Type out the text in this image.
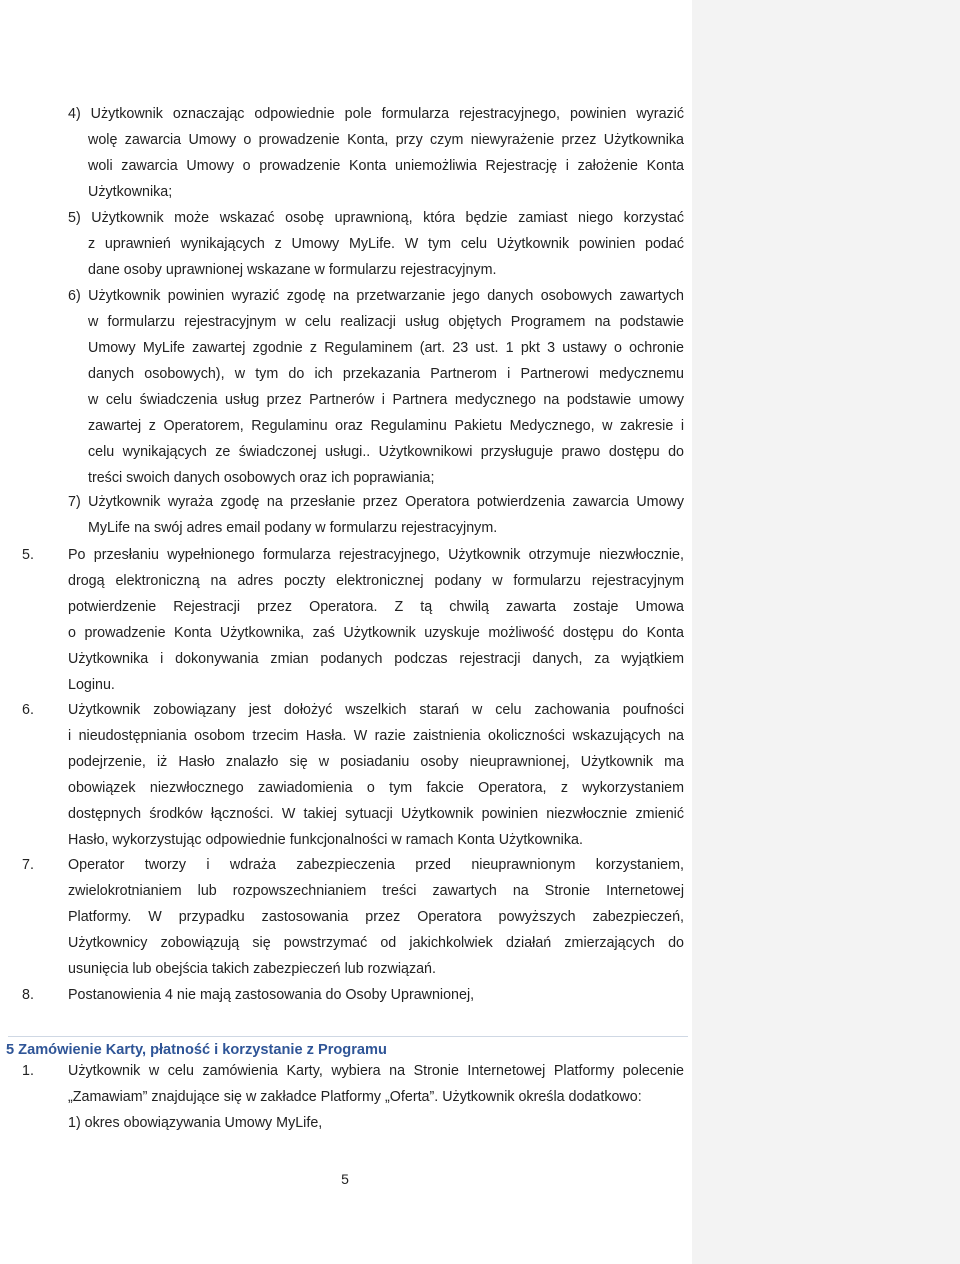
4) Użytkownik oznaczając odpowiednie pole formularza rejestracyjnego, powinien wyrazić
wolę zawarcia Umowy o prowadzenie Konta, przy czym niewyrażenie przez Użytkownika
woli zawarcia Umowy o prowadzenie Konta uniemożliwia Rejestrację i założenie Konta
Użytkownika;
5) Użytkownik może wskazać osobę uprawnioną, która będzie zamiast niego korzystać
z uprawnień wynikających z Umowy MyLife. W tym celu Użytkownik powinien podać
dane osoby uprawnionej wskazane w formularzu rejestracyjnym.
6) Użytkownik powinien wyrazić zgodę na przetwarzanie jego danych osobowych zawartych
w formularzu rejestracyjnym w celu realizacji usług objętych Programem na podstawie
Umowy MyLife zawartej zgodnie z Regulaminem (art. 23 ust. 1 pkt 3 ustawy o ochronie
danych osobowych), w tym do ich przekazania Partnerom i Partnerowi medycznemu
w celu świadczenia usług przez Partnerów i Partnera medycznego na podstawie umowy
zawartej z Operatorem, Regulaminu oraz Regulaminu Pakietu Medycznego, w zakresie i
celu wynikających ze świadczonej usługi.. Użytkownikowi przysługuje prawo dostępu do
treści swoich danych osobowych oraz ich poprawiania;
7) Użytkownik wyraża zgodę na przesłanie przez Operatora potwierdzenia zawarcia Umowy
MyLife na swój adres email podany w formularzu rejestracyjnym.
5. Po przesłaniu wypełnionego formularza rejestracyjnego, Użytkownik otrzymuje niezwłocznie,
drogą elektroniczną na adres poczty elektronicznej podany w formularzu rejestracyjnym
potwierdzenie Rejestracji przez Operatora. Z tą chwilą zawarta zostaje Umowa
o prowadzenie Konta Użytkownika, zaś Użytkownik uzyskuje możliwość dostępu do Konta
Użytkownika i dokonywania zmian podanych podczas rejestracji danych, za wyjątkiem
Loginu.
6. Użytkownik zobowiązany jest dołożyć wszelkich starań w celu zachowania poufności
i nieudostępniania osobom trzecim Hasła. W razie zaistnienia okoliczności wskazujących na
podejrzenie, iż Hasło znalazło się w posiadaniu osoby nieuprawnionej, Użytkownik ma
obowiązek niezwłocznego zawiadomienia o tym fakcie Operatora, z wykorzystaniem
dostępnych środków łączności. W takiej sytuacji Użytkownik powinien niezwłocznie zmienić
Hasło, wykorzystując odpowiednie funkcjonalności w ramach Konta Użytkownika.
7. Operator tworzy i wdraża zabezpieczenia przed nieuprawnionym korzystaniem,
zwielokrotnianiem lub rozpowszechnianiem treści zawartych na Stronie Internetowej
Platformy. W przypadku zastosowania przez Operatora powyższych zabezpieczeń,
Użytkownicy zobowiązują się powstrzymać od jakichkolwiek działań zmierzających do
usunięcia lub obejścia takich zabezpieczeń lub rozwiązań.
8. Postanowienia 4 nie mają zastosowania do Osoby Uprawnionej,
1. Użytkownik w celu zamówienia Karty, wybiera na Stronie Internetowej Platformy polecenie
„Zamawiam” znajdujące się w zakładce Platformy „Oferta”. Użytkownik określa dodatkowo:
1) okres obowiązywania Umowy MyLife,
5 Zamówienie Karty, płatność i korzystanie z Programu
5
